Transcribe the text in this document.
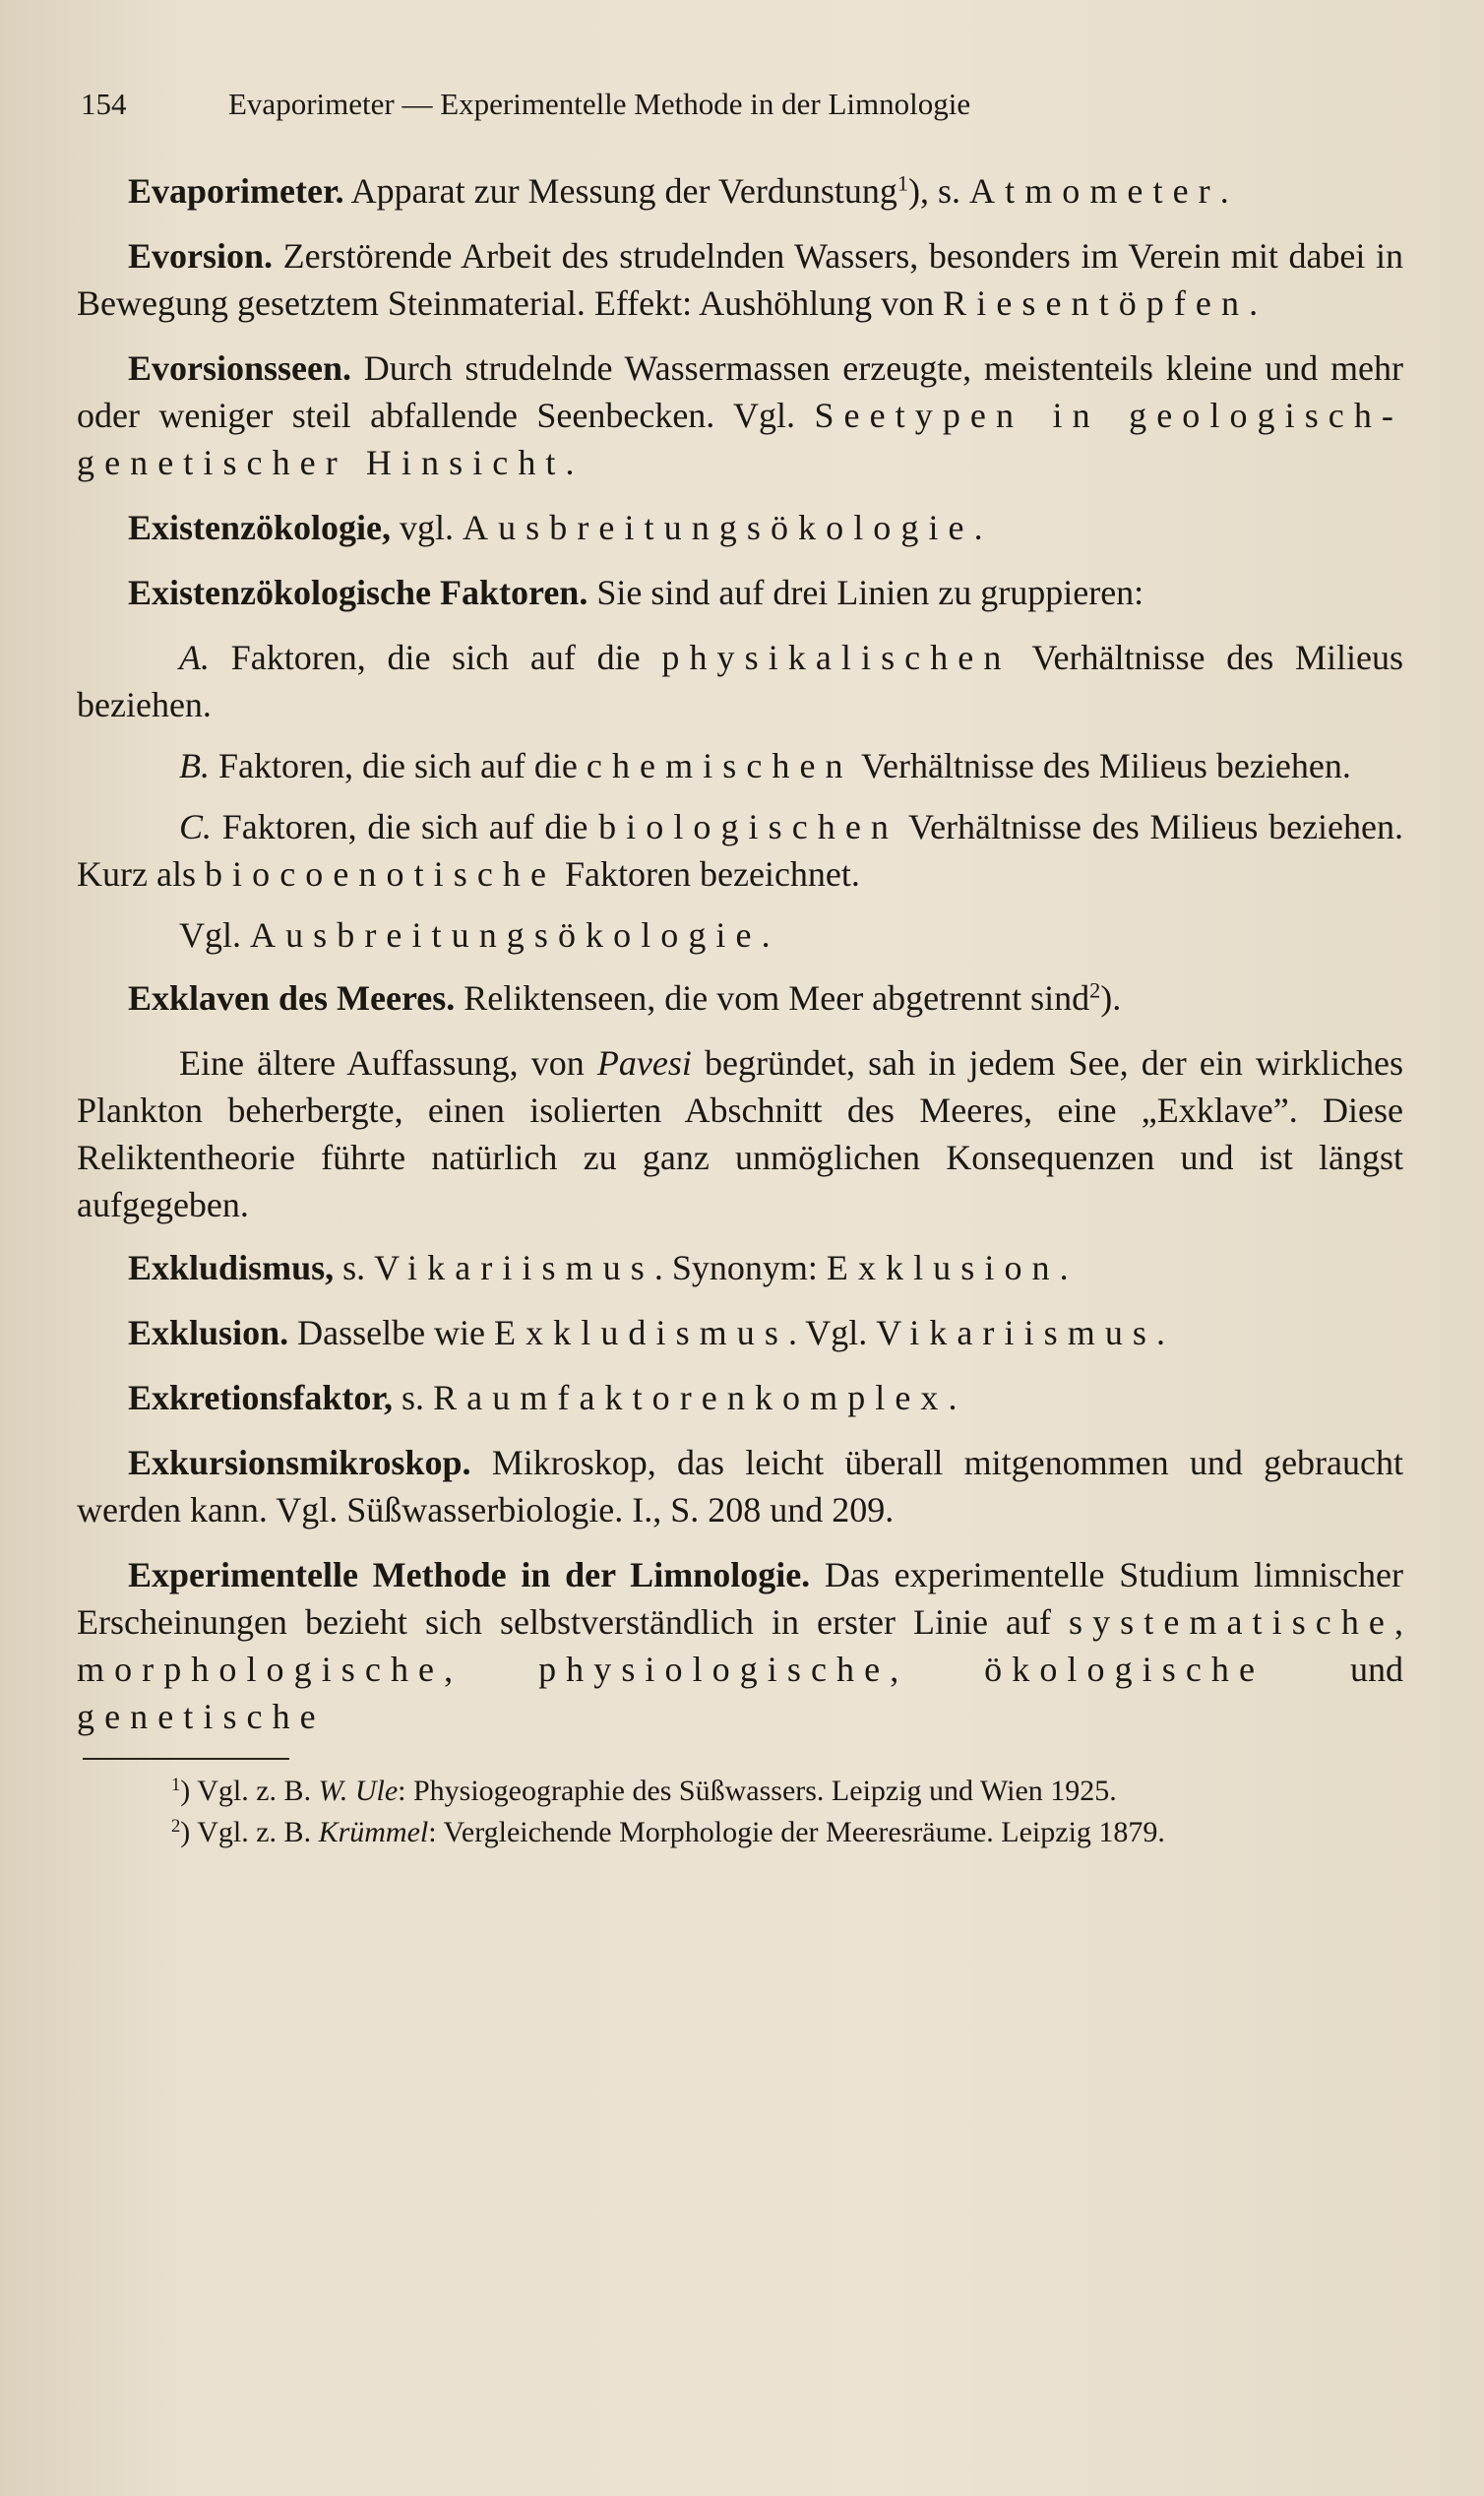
154	Evaporimeter — Experimentelle Methode in der Limnologie

Evaporimeter. Apparat zur Messung der Verdunstung$^1$), s. Atmometer.

Evorsion. Zerstörende Arbeit des strudelnden Wassers, besonders im Verein mit dabei in Bewegung gesetztem Steinmaterial. Effekt: Aushöhlung von Riesentöpfen.

Evorsionsseen. Durch strudelnde Wassermassen erzeugte, meistenteils kleine und mehr oder weniger steil abfallende Seenbecken. Vgl. Seetypen in geologisch-genetischer Hinsicht.

Existenzökologie, vgl. Ausbreitungsökologie.

Existenzökologische Faktoren. Sie sind auf drei Linien zu gruppieren:

A. Faktoren, die sich auf die physikalischen Verhältnisse des Milieus beziehen.

B. Faktoren, die sich auf die chemischen Verhältnisse des Milieus beziehen.

C. Faktoren, die sich auf die biologischen Verhältnisse des Milieus beziehen. Kurz als biocoenotische Faktoren bezeichnet.

Vgl. Ausbreitungsökologie.

Exklaven des Meeres. Reliktenseen, die vom Meer abgetrennt sind$^2$).

Eine ältere Auffassung, von Pavesi begründet, sah in jedem See, der ein wirkliches Plankton beherbergte, einen isolierten Abschnitt des Meeres, eine „Exklave”. Diese Reliktentheorie führte natürlich zu ganz unmöglichen Konsequenzen und ist längst aufgegeben.

Exkludismus, s. Vikariismus. Synonym: Exklusion.

Exklusion. Dasselbe wie Exkludismus. Vgl. Vikariismus.

Exkretionsfaktor, s. Raumfaktorenkomplex.

Exkursionsmikroskop. Mikroskop, das leicht überall mitgenommen und gebraucht werden kann. Vgl. Süßwasserbiologie. I., S. 208 und 209.

Experimentelle Methode in der Limnologie. Das experimentelle Studium limnischer Erscheinungen bezieht sich selbstverständlich in erster Linie auf systematische, morphologische, physiologische, ökologische und genetische

$^1$) Vgl. z. B. W. Ule: Physiogeographie des Süßwassers. Leipzig und Wien 1925.

$^2$) Vgl. z. B. Krümmel: Vergleichende Morphologie der Meeresräume. Leipzig 1879.
